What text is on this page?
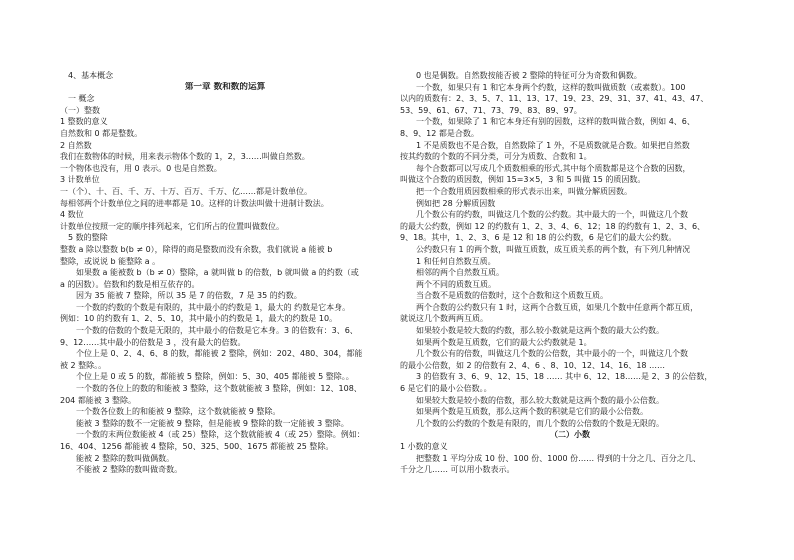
4、基本概念
第一章 数和数的运算
一 概念
（一）整数
1 整数的意义
自然数和 0 都是整数。
2 自然数
我们在数物体的时候，用来表示物体个数的 1，2，3……叫做自然数。
一个物体也没有，用 0 表示。0 也是自然数。
3 计数单位
一（个）、十、百、千、万、十万、百万、千万、亿……都是计数单位。
每相邻两个计数单位之间的进率都是 10。这样的计数法叫做十进制计数法。
4 数位
计数单位按照一定的顺序排列起来，它们所占的位置叫做数位。
5 数的整除
整数 a 除以整数 b(b ≠ 0），除得的商是整数而没有余数，我们就说 a 能被 b
整除，或说说 b 能整除 a 。
如果数 a 能被数 b（b ≠ 0）整除，a 就叫做 b 的倍数，b 就叫做 a 的约数（或
a 的因数）。倍数和约数是相互依存的。
因为 35 能被 7 整除，所以 35 是 7 的倍数，7 是 35 的约数。
一个数的约数的个数是有限的，其中最小的约数是 1，最大的 约数是它本身。
例如：10 的约数有 1、2、5、10，其中最小的约数是 1，最大的约数是 10。
一个数的倍数的个数是无限的，其中最小的倍数是它本身。3 的倍数有：3、6、
9、12……其中最小的倍数是 3 ，没有最大的倍数。
个位上是 0、2、4、6、8 的数，都能被 2 整除，例如：202、480、304，都能
被 2 整除。。
个位上是 0 或 5 的数，都能被 5 整除，例如：5、30、405 都能被 5 整除。。
一个数的各位上的数的和能被 3 整除，这个数就能被 3 整除，例如：12、108、
204 都能被 3 整除。
一个数各位数上的和能被 9 整除，这个数就能被 9 整除。
能被 3 整除的数不一定能被 9 整除，但是能被 9 整除的数一定能被 3 整除。
一个数的末两位数能被 4（或 25）整除，这个数就能被 4（或 25）整除。例如：
16、404、1256 都能被 4 整除，50、325、500、1675 都能被 25 整除。
能被 2 整除的数叫做偶数。
不能被 2 整除的数叫做奇数。
0 也是偶数。自然数按能否被 2 整除的特征可分为奇数和偶数。
一个数，如果只有 1 和它本身两个约数，这样的数叫做质数（或素数）。100
以内的质数有：2、3、5、7、11、13、17、19、23、29、31、37、41、43、47、
53、59、61、67、71、73、79、83、89、97。
一个数，如果除了 1 和它本身还有别的因数，这样的数叫做合数，例如 4、6、
8、9、12 都是合数。
1 不是质数也不是合数，自然数除了 1 外，不是质数就是合数。如果把自然数
按其约数的个数的不同分类，可分为质数、合数和 1。
每个合数都可以写成几个质数相乘的形式,其中每个质数都是这个合数的因数，
叫做这个合数的质因数，例如 15=3×5，3 和 5 叫做 15 的质因数。
把一个合数用质因数相乘的形式表示出来，叫做分解质因数。
例如把 28 分解质因数
几个数公有的约数，叫做这几个数的公约数。其中最大的一个，叫做这几个数
的最大公约数，例如 12 的约数有 1、2、3、4、6、12；18 的约数有 1、2、3、6、
9、18。其中，1、2、3、6 是 12 和 18 的公约数，6 是它们的最大公约数。
公约数只有 1 的两个数，叫做互质数，成互质关系的两个数，有下列几种情况
1 和任何自然数互质。
相邻的两个自然数互质。
两个不同的质数互质。
当合数不是质数的倍数时，这个合数和这个质数互质。
两个合数的公约数只有 1 时，这两个合数互质，如果几个数中任意两个都互质，
就说这几个数两两互质。
如果较小数是较大数的约数，那么较小数就是这两个数的最大公约数。
如果两个数是互质数，它们的最大公约数就是 1。
几个数公有的倍数，叫做这几个数的公倍数，其中最小的一个，叫做这几个数
的最小公倍数，如 2 的倍数有 2、4、6 、8、10、12、14、16、18 ……
3 的倍数有 3、6、9、12、15、18 …… 其中 6、12、18……是 2、3 的公倍数，
6 是它们的最小公倍数。。
如果较大数是较小数的倍数，那么较大数就是这两个数的最小公倍数。
如果两个数是互质数，那么这两个数的积就是它们的最小公倍数。
几个数的公约数的个数是有限的，而几个数的公倍数的个数是无限的。
（二）小数
1 小数的意义
把整数 1 平均分成 10 份、100 份、1000 份…… 得到的十分之几、百分之几、
千分之几…… 可以用小数表示。
